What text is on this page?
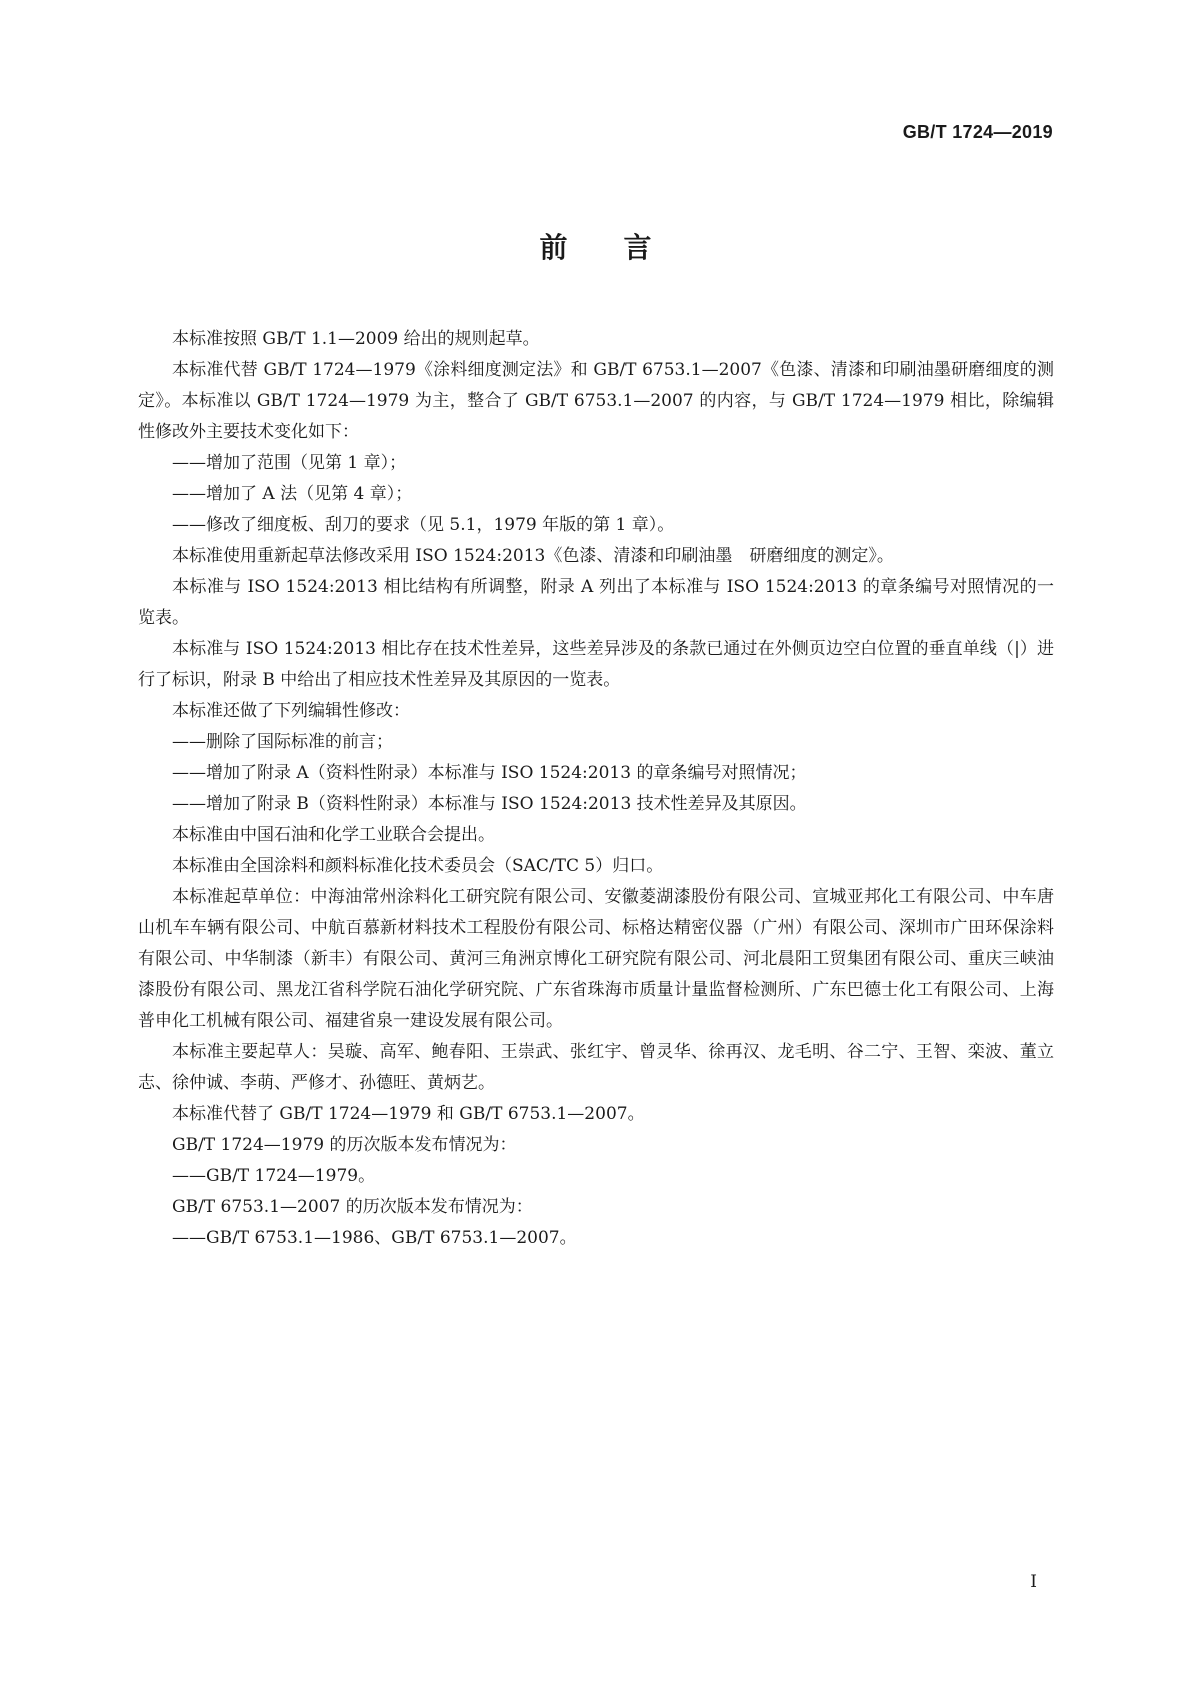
GB/T 1724—2019
前言

本标准按照 GB/T 1.1—2009 给出的规则起草。

本标准代替 GB/T 1724—1979《涂料细度测定法》和 GB/T 6753.1—2007《色漆、清漆和印刷油墨研磨细度的测定》。本标准以 GB/T 1724—1979 为主，整合了 GB/T 6753.1—2007 的内容，与 GB/T 1724—1979 相比，除编辑性修改外主要技术变化如下：

——增加了范围（见第 1 章）；

——增加了 A 法（见第 4 章）；

——修改了细度板、刮刀的要求（见 5.1，1979 年版的第 1 章）。

本标准使用重新起草法修改采用 ISO 1524:2013《色漆、清漆和印刷油墨　研磨细度的测定》。

本标准与 ISO 1524:2013 相比结构有所调整，附录 A 列出了本标准与 ISO 1524:2013 的章条编号对照情况的一览表。

本标准与 ISO 1524:2013 相比存在技术性差异，这些差异涉及的条款已通过在外侧页边空白位置的垂直单线（|）进行了标识，附录 B 中给出了相应技术性差异及其原因的一览表。

本标准还做了下列编辑性修改：

——删除了国际标准的前言；

——增加了附录 A（资料性附录）本标准与 ISO 1524:2013 的章条编号对照情况；

——增加了附录 B（资料性附录）本标准与 ISO 1524:2013 技术性差异及其原因。

本标准由中国石油和化学工业联合会提出。

本标准由全国涂料和颜料标准化技术委员会（SAC/TC 5）归口。

本标准起草单位：中海油常州涂料化工研究院有限公司、安徽菱湖漆股份有限公司、宣城亚邦化工有限公司、中车唐山机车车辆有限公司、中航百慕新材料技术工程股份有限公司、标格达精密仪器（广州）有限公司、深圳市广田环保涂料有限公司、中华制漆（新丰）有限公司、黄河三角洲京博化工研究院有限公司、河北晨阳工贸集团有限公司、重庆三峡油漆股份有限公司、黑龙江省科学院石油化学研究院、广东省珠海市质量计量监督检测所、广东巴德士化工有限公司、上海普申化工机械有限公司、福建省泉一建设发展有限公司。

本标准主要起草人：吴璇、高军、鲍春阳、王崇武、张红宇、曾灵华、徐再汉、龙毛明、谷二宁、王智、栾波、董立志、徐仲诚、李萌、严修才、孙德旺、黄炳艺。

本标准代替了 GB/T 1724—1979 和 GB/T 6753.1—2007。

GB/T 1724—1979 的历次版本发布情况为：

——GB/T 1724—1979。

GB/T 6753.1—2007 的历次版本发布情况为：

——GB/T 6753.1—1986、GB/T 6753.1—2007。

I
